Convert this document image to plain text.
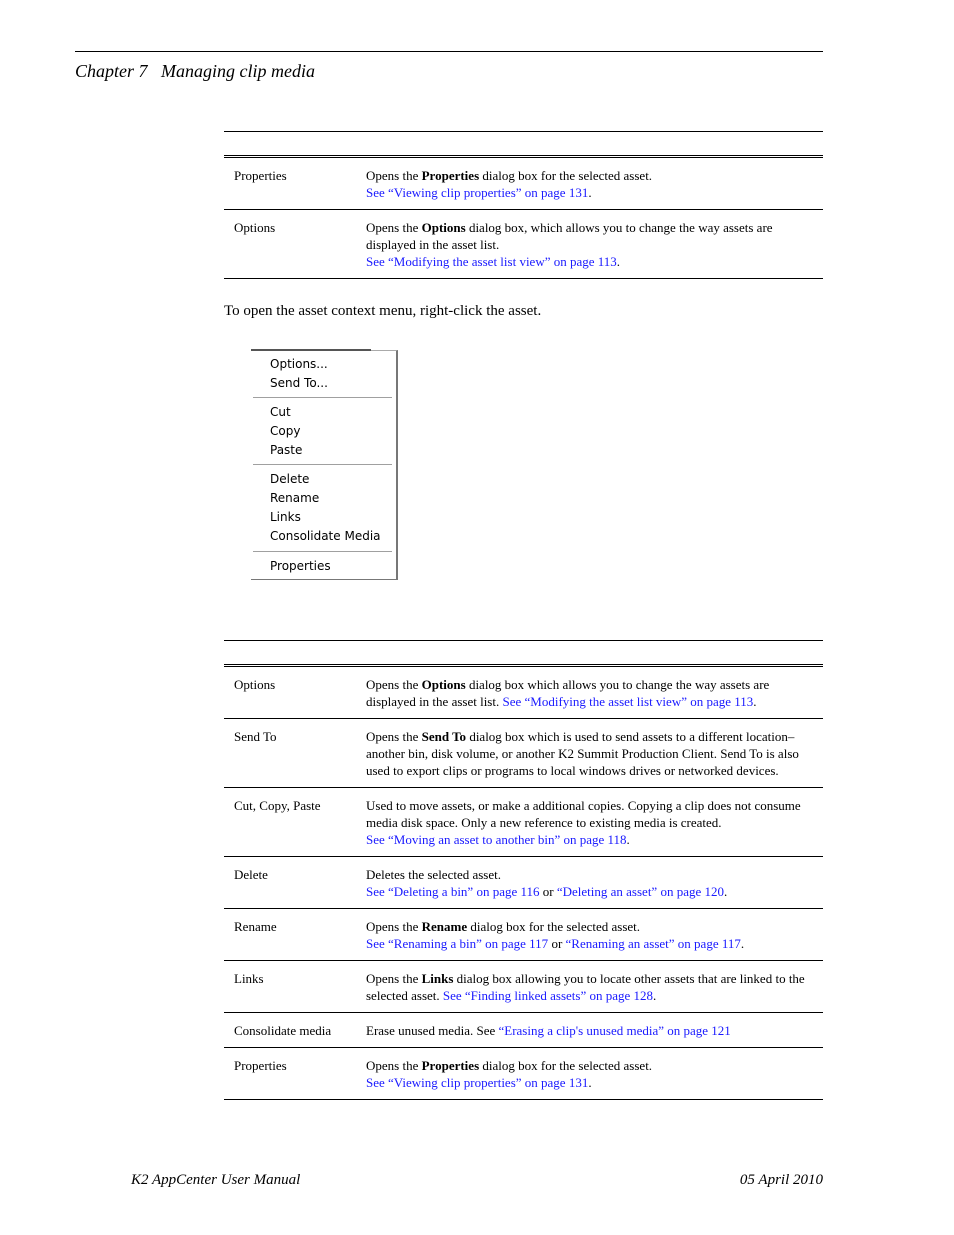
Chapter 7   Managing clip media
Properties	Opens the Properties dialog box for the selected asset.
See “Viewing clip properties” on page 131.
Options	Opens the Options dialog box, which allows you to change the way assets are displayed in the asset list.
See “Modifying the asset list view” on page 113.
To open the asset context menu, right-click the asset.
Options...
Send To...
Cut
Copy
Paste
Delete
Rename
Links
Consolidate Media
Properties
Options	Opens the Options dialog box which allows you to change the way assets are displayed in the asset list. See “Modifying the asset list view” on page 113.
Send To	Opens the Send To dialog box which is used to send assets to a different location– another bin, disk volume, or another K2 Summit Production Client. Send To is also used to export clips or programs to local windows drives or networked devices.
Cut, Copy, Paste	Used to move assets, or make a additional copies. Copying a clip does not consume media disk space. Only a new reference to existing media is created.
See “Moving an asset to another bin” on page 118.
Delete	Deletes the selected asset.
See “Deleting a bin” on page 116 or “Deleting an asset” on page 120.
Rename	Opens the Rename dialog box for the selected asset.
See “Renaming a bin” on page 117 or “Renaming an asset” on page 117.
Links	Opens the Links dialog box allowing you to locate other assets that are linked to the selected asset. See “Finding linked assets” on page 128.
Consolidate media	Erase unused media. See “Erasing a clip's unused media” on page 121
Properties	Opens the Properties dialog box for the selected asset.
See “Viewing clip properties” on page 131.
K2 AppCenter User Manual	05 April 2010
